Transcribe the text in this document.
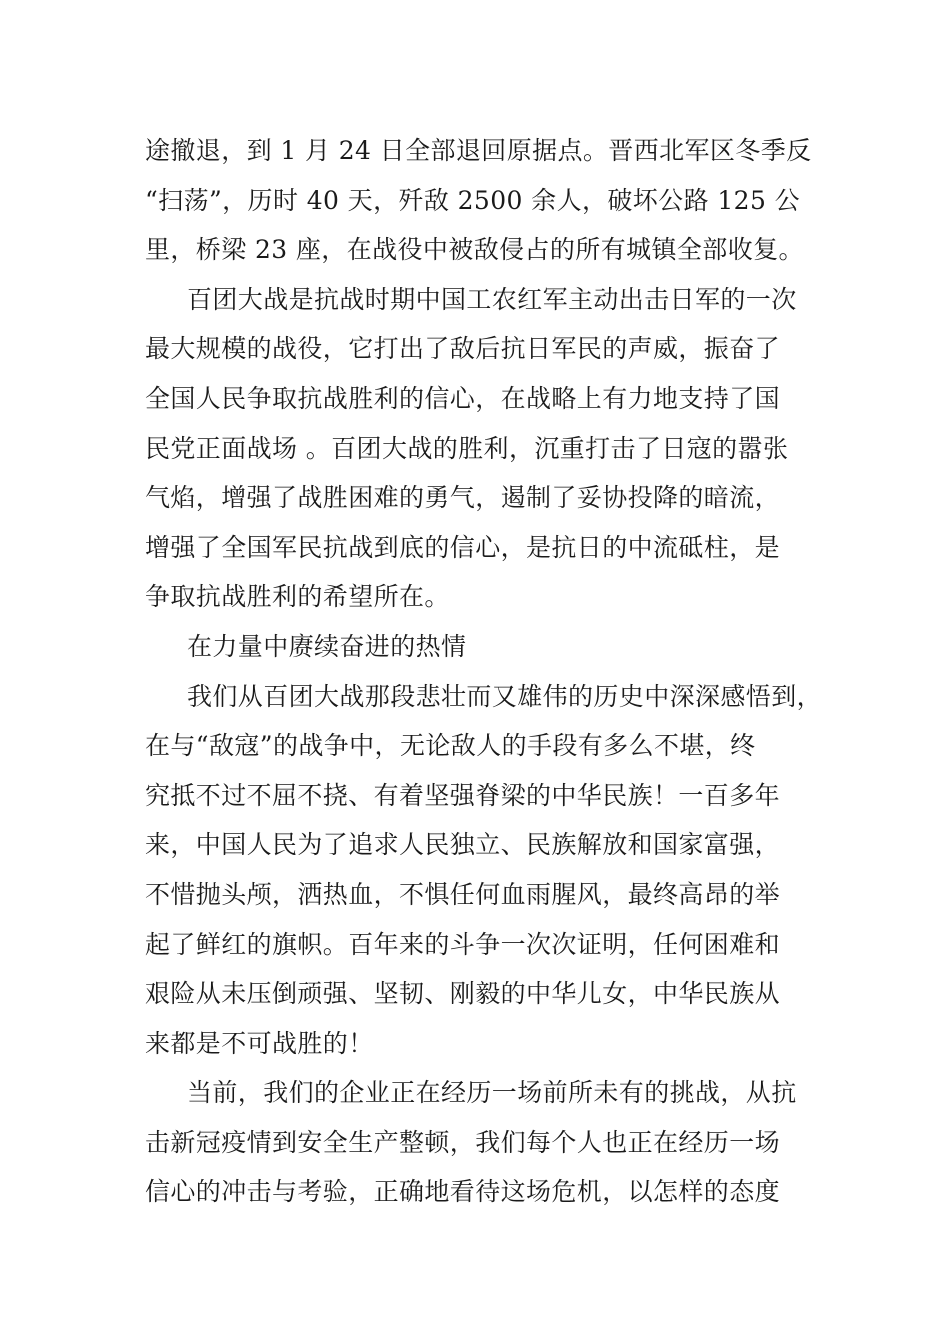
途撤退，到 1 月 24 日全部退回原据点。晋西北军区冬季反
“扫荡”，历时 40 天，歼敌 2500 余人，破坏公路 125 公
里，桥梁 23 座，在战役中被敌侵占的所有城镇全部收复。
百团大战是抗战时期中国工农红军主动出击日军的一次
最大规模的战役，它打出了敌后抗日军民的声威，振奋了
全国人民争取抗战胜利的信心，在战略上有力地支持了国
民党正面战场 。百团大战的胜利，沉重打击了日寇的嚣张
气焰，增强了战胜困难的勇气，遏制了妥协投降的暗流，
增强了全国军民抗战到底的信心，是抗日的中流砥柱，是
争取抗战胜利的希望所在。
在力量中赓续奋进的热情
我们从百团大战那段悲壮而又雄伟的历史中深深感悟到，
在与“敌寇”的战争中，无论敌人的手段有多么不堪，终
究抵不过不屈不挠、有着坚强脊梁的中华民族！一百多年
来，中国人民为了追求人民独立、民族解放和国家富强，
不惜抛头颅，洒热血，不惧任何血雨腥风，最终高昂的举
起了鲜红的旗帜。百年来的斗争一次次证明，任何困难和
艰险从未压倒顽强、坚韧、刚毅的中华儿女，中华民族从
来都是不可战胜的！
当前，我们的企业正在经历一场前所未有的挑战，从抗
击新冠疫情到安全生产整顿，我们每个人也正在经历一场
信心的冲击与考验，正确地看待这场危机，以怎样的态度
